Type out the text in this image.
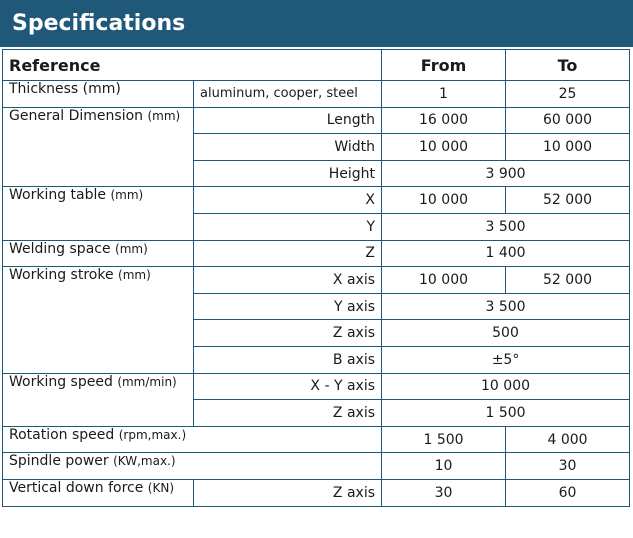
Specifications
Reference		From	To
Thickness (mm)	aluminum, cooper, steel	1	25
General Dimension (mm)	Length	16 000	60 000
	Width	10 000	10 000
	Height	3 900	
Working table (mm)	X	10 000	52 000
	Y	3 500	
Welding space (mm)	Z	1 400	
Working stroke (mm)	X axis	10 000	52 000
	Y axis	3 500	
	Z axis	500	
	B axis	±5°	
Working speed (mm/min)	X - Y axis	10 000	
	Z axis	1 500	
Rotation speed (rpm,max.)		1 500	4 000
Spindle power (KW,max.)		10	30
Vertical down force (KN)	Z axis	30	60
